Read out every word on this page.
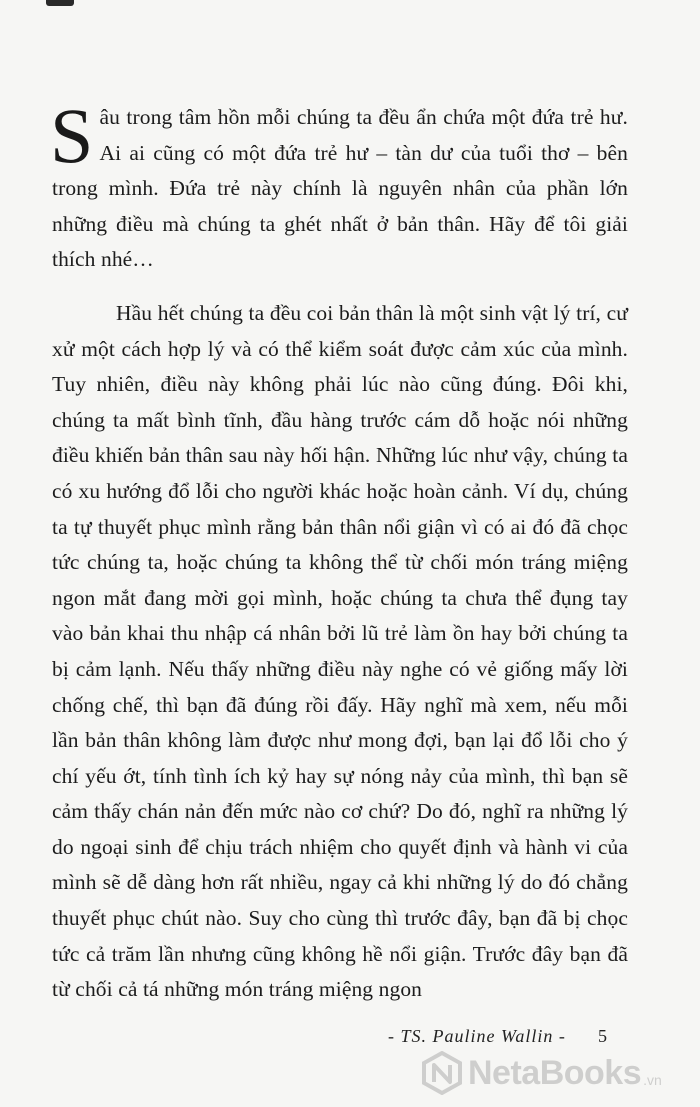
Sâu trong tâm hồn mỗi chúng ta đều ẩn chứa một đứa trẻ hư. Ai ai cũng có một đứa trẻ hư – tàn dư của tuổi thơ – bên trong mình. Đứa trẻ này chính là nguyên nhân của phần lớn những điều mà chúng ta ghét nhất ở bản thân. Hãy để tôi giải thích nhé…

Hầu hết chúng ta đều coi bản thân là một sinh vật lý trí, cư xử một cách hợp lý và có thể kiểm soát được cảm xúc của mình. Tuy nhiên, điều này không phải lúc nào cũng đúng. Đôi khi, chúng ta mất bình tĩnh, đầu hàng trước cám dỗ hoặc nói những điều khiến bản thân sau này hối hận. Những lúc như vậy, chúng ta có xu hướng đổ lỗi cho người khác hoặc hoàn cảnh. Ví dụ, chúng ta tự thuyết phục mình rằng bản thân nổi giận vì có ai đó đã chọc tức chúng ta, hoặc chúng ta không thể từ chối món tráng miệng ngon mắt đang mời gọi mình, hoặc chúng ta chưa thể đụng tay vào bản khai thu nhập cá nhân bởi lũ trẻ làm ồn hay bởi chúng ta bị cảm lạnh. Nếu thấy những điều này nghe có vẻ giống mấy lời chống chế, thì bạn đã đúng rồi đấy. Hãy nghĩ mà xem, nếu mỗi lần bản thân không làm được như mong đợi, bạn lại đổ lỗi cho ý chí yếu ớt, tính tình ích kỷ hay sự nóng nảy của mình, thì bạn sẽ cảm thấy chán nản đến mức nào cơ chứ? Do đó, nghĩ ra những lý do ngoại sinh để chịu trách nhiệm cho quyết định và hành vi của mình sẽ dễ dàng hơn rất nhiều, ngay cả khi những lý do đó chẳng thuyết phục chút nào. Suy cho cùng thì trước đây, bạn đã bị chọc tức cả trăm lần nhưng cũng không hề nổi giận. Trước đây bạn đã từ chối cả tá những món tráng miệng ngon

- TS. Pauline Wallin - 5
NetaBooks .vn
